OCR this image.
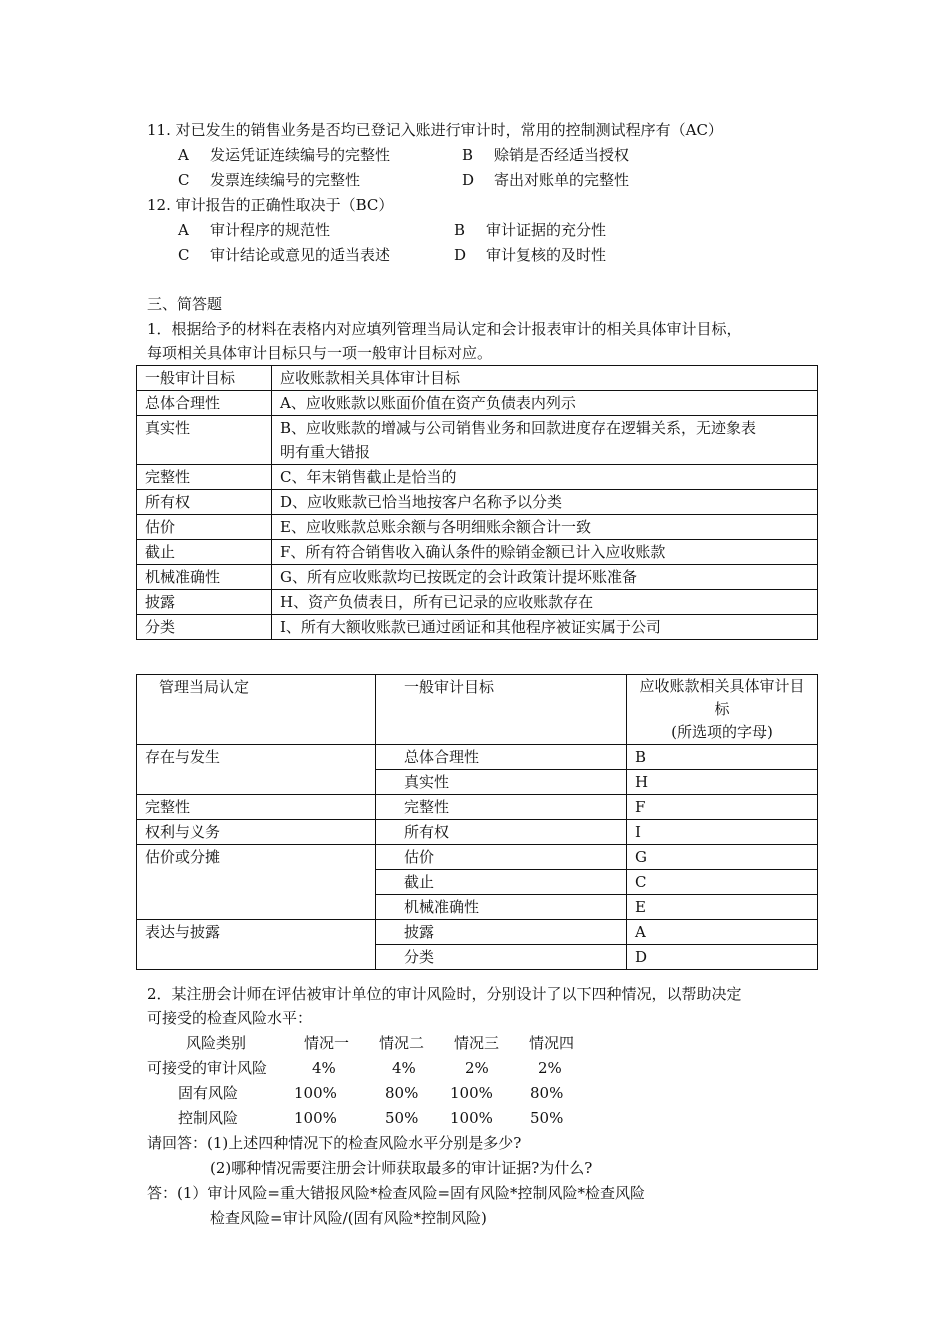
11. 对已发生的销售业务是否均已登记入账进行审计时，常用的控制测试程序有（AC）
A 发运凭证连续编号的完整性	B 赊销是否经适当授权
C 发票连续编号的完整性	D 寄出对账单的完整性
12. 审计报告的正确性取决于（BC）
A 审计程序的规范性	B 审计证据的充分性
C 审计结论或意见的适当表述	D 审计复核的及时性
三、简答题
1．根据给予的材料在表格内对应填列管理当局认定和会计报表审计的相关具体审计目标，
每项相关具体审计目标只与一项一般审计目标对应。
一般审计目标	应收账款相关具体审计目标
总体合理性	A、应收账款以账面价值在资产负债表内列示
真实性	B、应收账款的增减与公司销售业务和回款进度存在逻辑关系，无迹象表
明有重大错报

完整性	C、年末销售截止是恰当的
所有权	D、应收账款已恰当地按客户名称予以分类
估价	E、应收账款总账余额与各明细账余额合计一致
截止	F、所有符合销售收入确认条件的赊销金额已计入应收账款
机械准确性	G、所有应收账款均已按既定的会计政策计提坏账准备
披露	H、资产负债表日，所有已记录的应收账款存在
分类	I、所有大额收账款已通过函证和其他程序被证实属于公司
管理当局认定	一般审计目标	应收账款相关具体审计目标
(所选项的字母)

存在与发生	总体合理性	B
	真实性	H
完整性	完整性	F
权利与义务	所有权	I
估价或分摊	估价	G
	截止	C
	机械准确性	E
表达与披露	披露	A
	分类	D
2．某注册会计师在评估被审计单位的审计风险时，分别设计了以下四种情况，以帮助决定
可接受的检查风险水平：
风险类别	情况一 情况二 情况三 情况四
可接受的审计风险	4%	4%	2%	2%
固有风险	100%	80% 100% 80%
控制风险	100%	50% 100% 50%
请回答：(1)上述四种情况下的检查风险水平分别是多少?
(2)哪种情况需要注册会计师获取最多的审计证据?为什么?
答：(1）审计风险=重大错报风险*检查风险=固有风险*控制风险*检查风险
检查风险=审计风险/(固有风险*控制风险)
